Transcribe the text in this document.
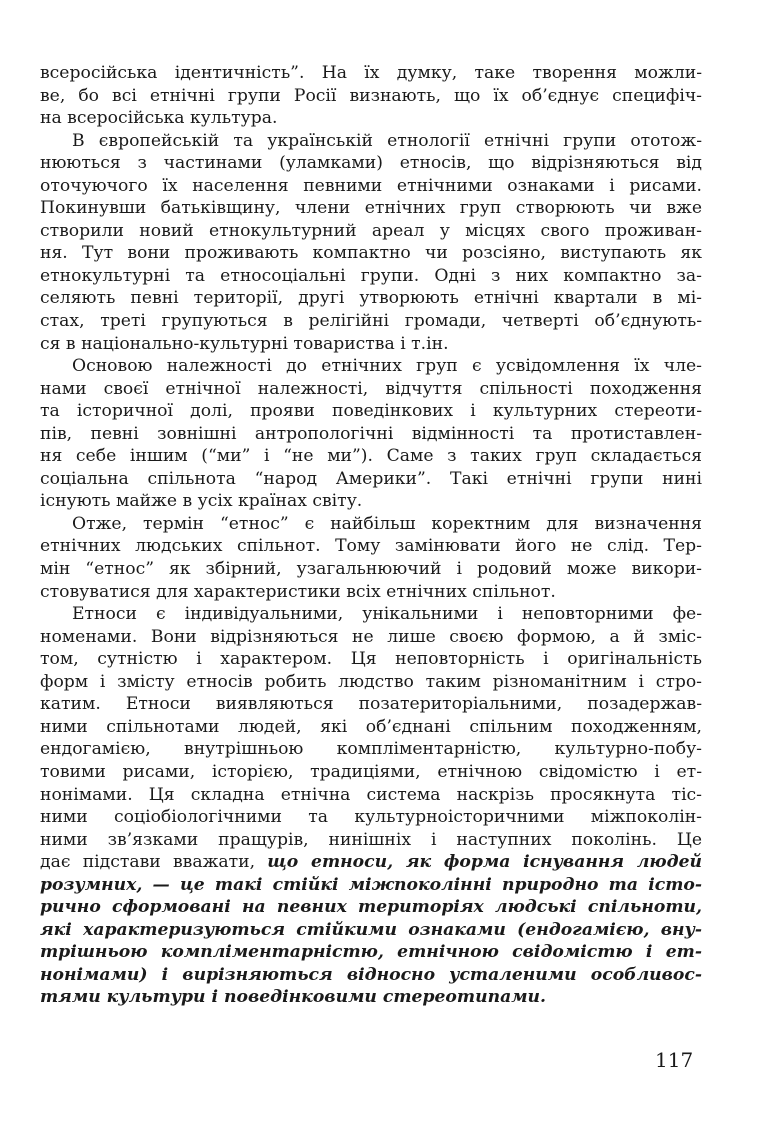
всеросійська ідентичність”. На їх думку, таке творення можли-
ве, бо всі етнічні групи Росії визнають, що їх об’єднує специфіч-
на всеросійська культура.

В європейській та українській етнології етнічні групи ототож-
нюються з частинами (уламками) етносів, що відрізняються від
оточуючого їх населення певними етнічними ознаками і рисами.
Покинувши батьківщину, члени етнічних груп створюють чи вже
створили новий етнокультурний ареал у місцях свого проживан-
ня. Тут вони проживають компактно чи розсіяно, виступають як
етнокультурні та етносоціальні групи. Одні з них компактно за-
селяють певні території, другі утворюють етнічні квартали в мі-
стах, треті групуються в релігійні громади, четверті об’єднують-
ся в національно-культурні товариства і т.ін.

Основою належності до етнічних груп є усвідомлення їх чле-
нами своєї етнічної належності, відчуття спільності походження
та історичної долі, прояви поведінкових і культурних стереоти-
пів, певні зовнішні антропологічні відмінності та протиставлен-
ня себе іншим (“ми” і “не ми”). Саме з таких груп складається
соціальна спільнота “народ Америки”. Такі етнічні групи нині
існують майже в усіх країнах світу.

Отже, термін “етнос” є найбільш коректним для визначення
етнічних людських спільнот. Тому замінювати його не слід. Тер-
мін “етнос” як збірний, узагальнюючий і родовий може викори-
стовуватися для характеристики всіх етнічних спільнот.

Етноси є індивідуальними, унікальними і неповторними фе-
номенами. Вони відрізняються не лише своєю формою, а й зміс-
том, сутністю і характером. Ця неповторність і оригінальність
форм і змісту етносів робить людство таким різноманітним і стро-
катим. Етноси виявляються позатериторіальними, позадержав-
ними спільнотами людей, які об’єднані спільним походженням,
ендогамією, внутрішньою компліментарністю, культурно-побу-
товими рисами, історією, традиціями, етнічною свідомістю і ет-
нонімами. Ця складна етнічна система наскрізь просякнута тіс-
ними соціобіологічними та культурноісторичними міжпоколін-
ними зв’язками пращурів, нинішніх і наступних поколінь. Це
дає підстави вважати, що етноси, як форма існування людей
розумних, — це такі стійкі міжпоколінні природно та істо-
рично сформовані на певних територіях людські спільноти,
які характеризуються стійкими ознаками (ендогамією, вну-
трішньою компліментарністю, етнічною свідомістю і ет-
нонімами) і вирізняються відносно усталеними особливос-
тями культури і поведінковими стереотипами.

117
